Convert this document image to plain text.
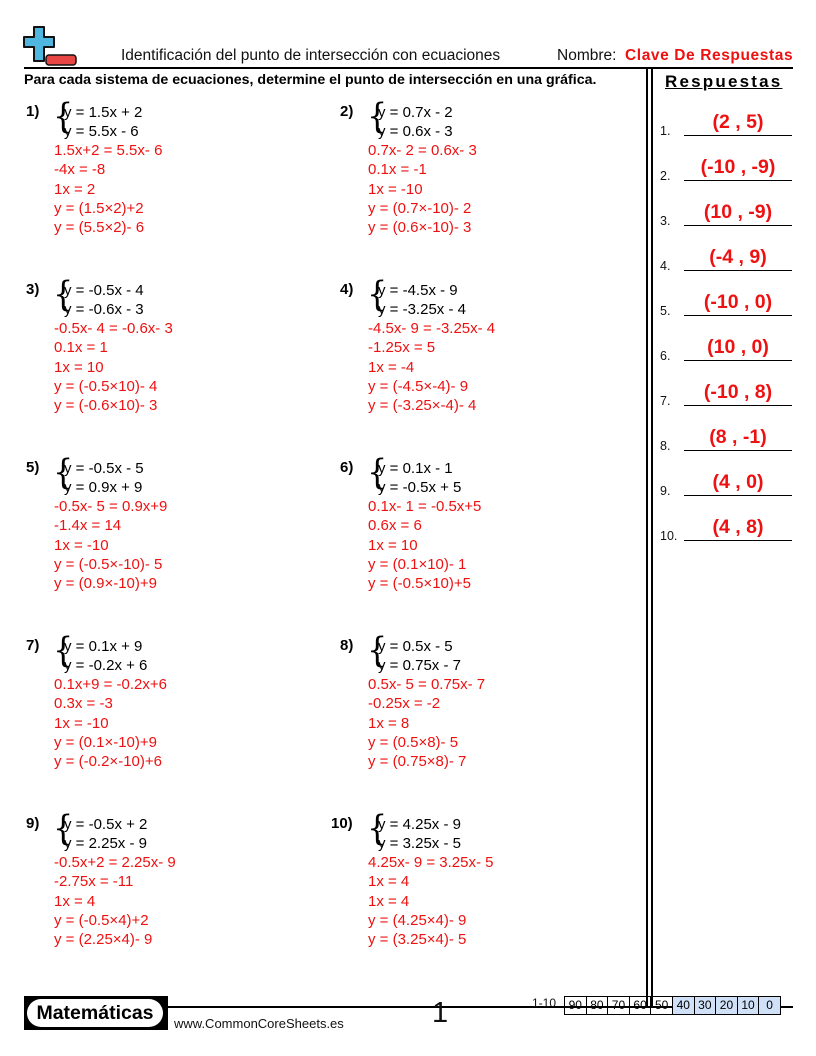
Identificación del punto de intersección con ecuaciones	Nombre: Clave De Respuestas
Para cada sistema de ecuaciones, determine el punto de intersección en una gráfica.	Respuestas
1) {
y = 1.5x + 2
y = 5.5x - 6
1.5x+2 = 5.5x- 6
-4x = -8
1x = 2
y = (1.5×2)+2
y = (5.5×2)- 6
2) {
y = 0.7x - 2
y = 0.6x - 3
0.7x- 2 = 0.6x- 3
0.1x = -1
1x = -10
y = (0.7×-10)- 2
y = (0.6×-10)- 3
3) {
y = -0.5x - 4
y = -0.6x - 3
-0.5x- 4 = -0.6x- 3
0.1x = 1
1x = 10
y = (-0.5×10)- 4
y = (-0.6×10)- 3
4) {
y = -4.5x - 9
y = -3.25x - 4
-4.5x- 9 = -3.25x- 4
-1.25x = 5
1x = -4
y = (-4.5×-4)- 9
y = (-3.25×-4)- 4
5) {
y = -0.5x - 5
y = 0.9x + 9
-0.5x- 5 = 0.9x+9
-1.4x = 14
1x = -10
y = (-0.5×-10)- 5
y = (0.9×-10)+9
6) {
y = 0.1x - 1
y = -0.5x + 5
0.1x- 1 = -0.5x+5
0.6x = 6
1x = 10
y = (0.1×10)- 1
y = (-0.5×10)+5
7) {
y = 0.1x + 9
y = -0.2x + 6
0.1x+9 = -0.2x+6
0.3x = -3
1x = -10
y = (0.1×-10)+9
y = (-0.2×-10)+6
8) {
y = 0.5x - 5
y = 0.75x - 7
0.5x- 5 = 0.75x- 7
-0.25x = -2
1x = 8
y = (0.5×8)- 5
y = (0.75×8)- 7
9) {
y = -0.5x + 2
y = 2.25x - 9
-0.5x+2 = 2.25x- 9
-2.75x = -11
1x = 4
y = (-0.5×4)+2
y = (2.25×4)- 9
10) {
y = 4.25x - 9
y = 3.25x - 5
4.25x- 9 = 3.25x- 5
1x = 4
1x = 4
y = (4.25×4)- 9
y = (3.25×4)- 5
1.	(2 , 5)
2.	(-10 , -9)
3.	(10 , -9)
4.	(-4 , 9)
5.	(-10 , 0)
6.	(10 , 0)
7.	(-10 , 8)
8.	(8 , -1)
9.	(4 , 0)
10.	(4 , 8)
Matemáticas	www.CommonCoreSheets.es	1	1-10	90 80 70 60 50 40 30 20 10 0
